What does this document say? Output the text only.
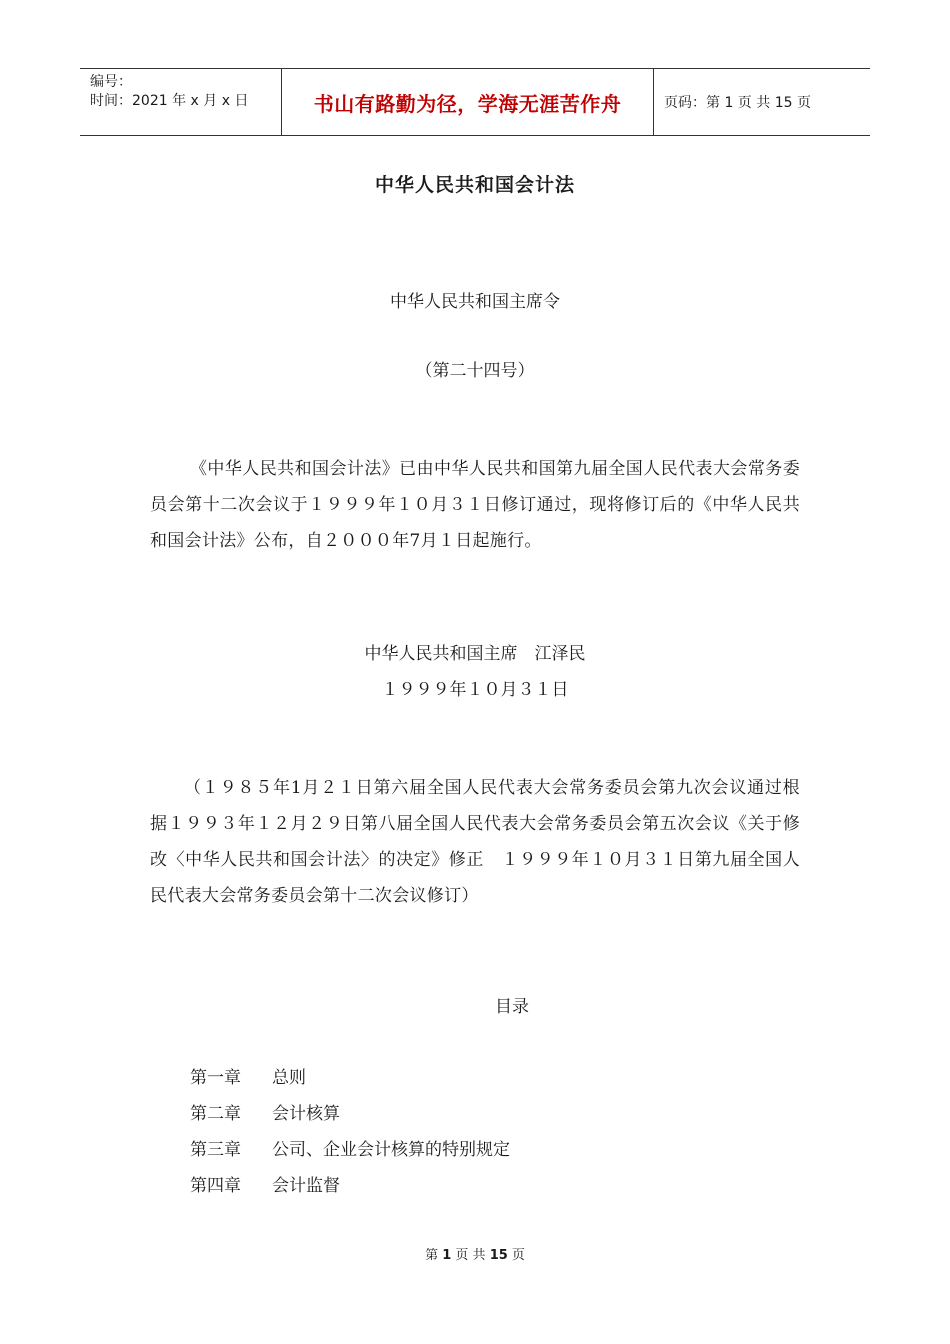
编号：
时间：2021 年 x 月 x 日	书山有路勤为径，学海无涯苦作舟	页码：第 1 页 共 15 页
中华人民共和国会计法
中华人民共和国主席令
（第二十四号）
《中华人民共和国会计法》已由中华人民共和国第九届全国人民代表大会常务委员会第十二次会议于１９９９年１０月３１日修订通过，现将修订后的《中华人民共和国会计法》公布，自２０００年7月１日起施行。
中华人民共和国主席　江泽民
１９９９年１０月３１日
（１９８５年1月２１日第六届全国人民代表大会常务委员会第九次会议通过根据１９９３年１２月２９日第八届全国人民代表大会常务委员会第五次会议《关于修改〈中华人民共和国会计法〉的决定》修正　１９９９年１０月３１日第九届全国人民代表大会常务委员会第十二次会议修订）
目录
第一章	总则
第二章	会计核算
第三章	公司、企业会计核算的特别规定
第四章	会计监督
第 1 页 共 15 页
